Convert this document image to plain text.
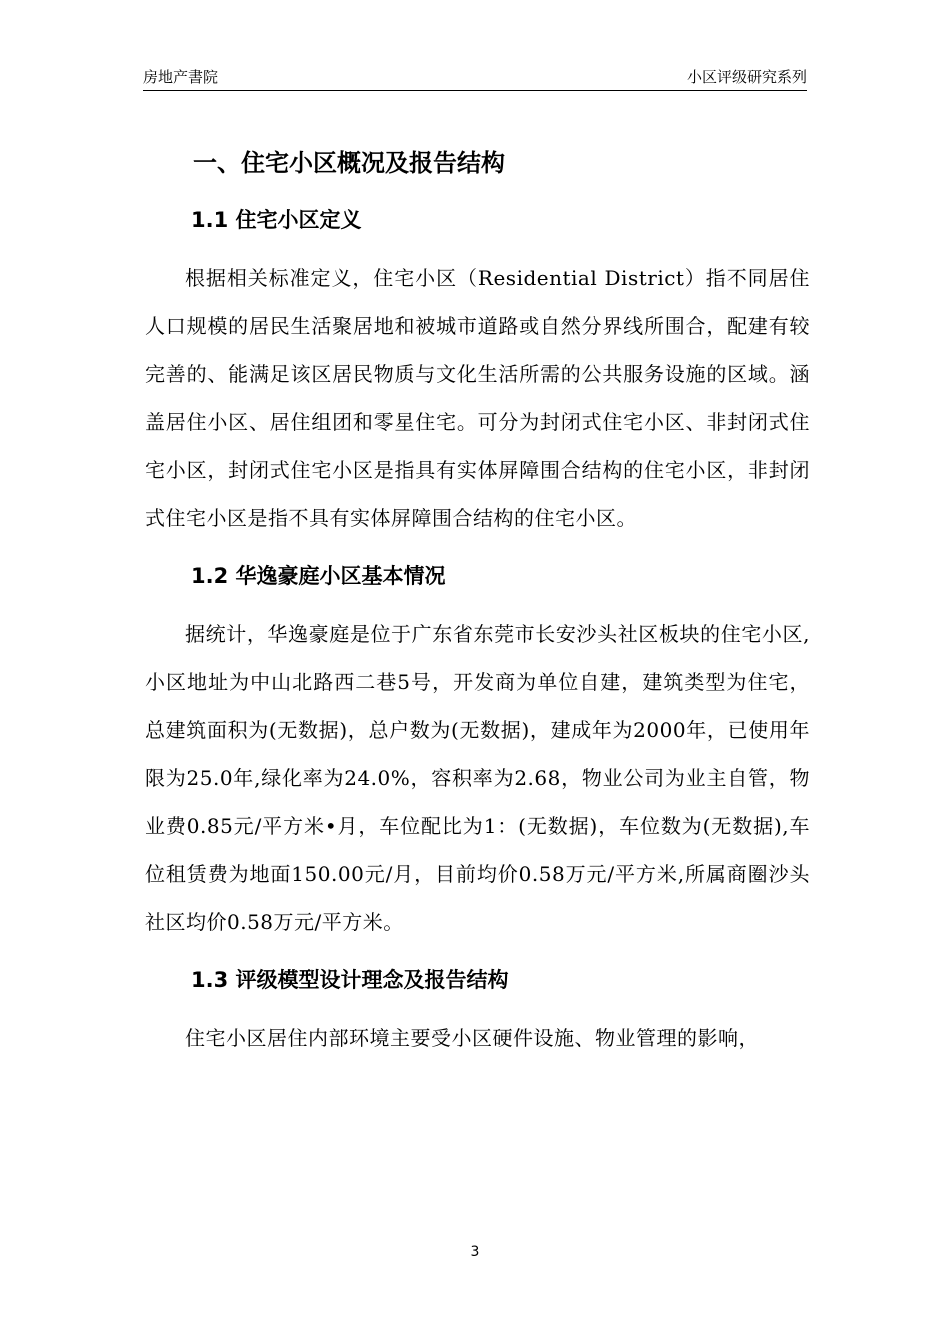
房地产書院	小区评级研究系列
一、住宅小区概况及报告结构
1.1 住宅小区定义

根据相关标准定义，住宅小区（Residential District）指不同居住人口规模的居民生活聚居地和被城市道路或自然分界线所围合，配建有较完善的、能满足该区居民物质与文化生活所需的公共服务设施的区域。涵盖居住小区、居住组团和零星住宅。可分为封闭式住宅小区、非封闭式住宅小区，封闭式住宅小区是指具有实体屏障围合结构的住宅小区，非封闭式住宅小区是指不具有实体屏障围合结构的住宅小区。

1.2 华逸豪庭小区基本情况

据统计，华逸豪庭是位于广东省东莞市长安沙头社区板块的住宅小区,小区地址为中山北路西二巷5号，开发商为单位自建，建筑类型为住宅，总建筑面积为(无数据)，总户数为(无数据)，建成年为2000年，已使用年限为25.0年,绿化率为24.0%，容积率为2.68，物业公司为业主自管，物业费0.85元/平方米•月，车位配比为1：(无数据)，车位数为(无数据),车位租赁费为地面150.00元/月，目前均价0.58万元/平方米,所属商圈沙头社区均价0.58万元/平方米。

1.3 评级模型设计理念及报告结构

住宅小区居住内部环境主要受小区硬件设施、物业管理的影响，

3
